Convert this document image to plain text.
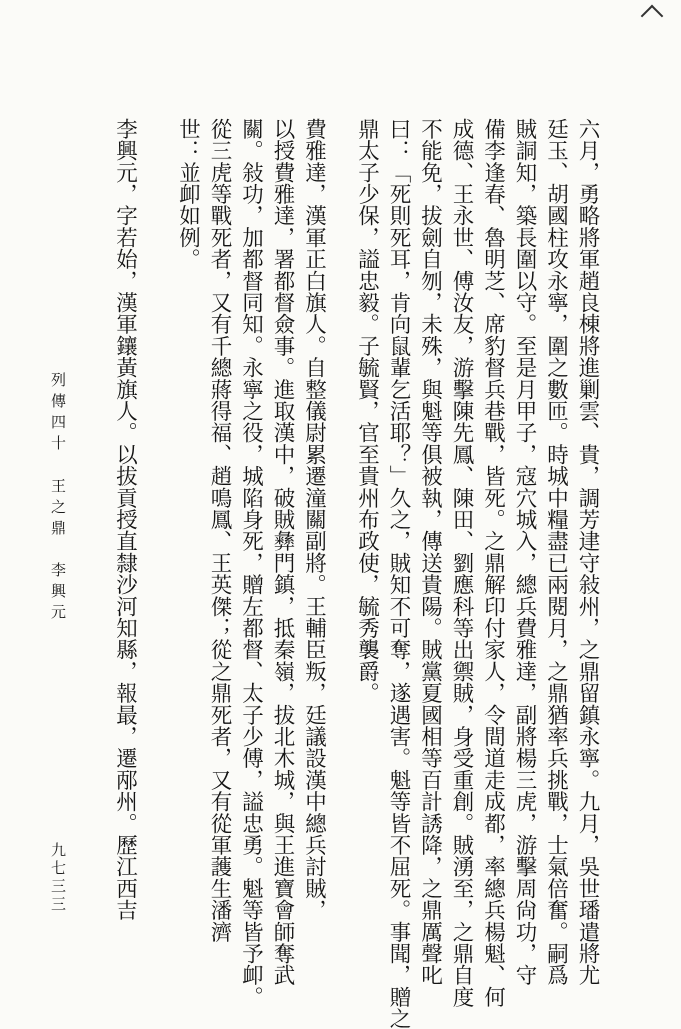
六月，勇略將軍趙良棟將進剿雲、貴，調芳䢖守敍州，之鼎留鎮永寧。九月，吳世璠遣將尤

廷玉、胡國柱攻永寧，圍之數匝。時城中糧盡已兩閱月，之鼎猶率兵挑戰，士氣倍奮。嗣爲

賊詷知，築長圍以守。至是月甲子，寇穴城入，總兵費雅達，副將楊三虎，游擊周尙功，守

備李逢春、魯明芝、席豹督兵巷戰，皆死。之鼎解印付家人，令間道走成都，率總兵楊魁、何

成德、王永世、傅汝友，游擊陳先鳳、陳田、劉應科等出禦賊，身受重創。賊湧至，之鼎自度

不能免，拔劍自刎，未殊，與魁等俱被執，傳送貴陽。賊黨夏國相等百計誘降，之鼎厲聲叱

曰：「死則死耳，肯向鼠輩乞活耶？」久之，賊知不可奪，遂遇害。魁等皆不屈死。事聞，贈之

鼎太子少保，謚忠毅。子毓賢，官至貴州布政使，毓秀襲爵。

費雅達，漢軍正白旗人。自整儀尉累遷潼關副將。王輔臣叛，廷議設漢中總兵討賊，

以授費雅達，署都督僉事。進取漢中，破賊彝門鎮，抵秦嶺，拔北木城，與王進寶會師奪武

關。敍功，加都督同知。永寧之役，城陷身死，贈左都督、太子少傅，謚忠勇。魁等皆予卹。

從三虎等戰死者，又有千總蔣得福、趙鳴鳳、王英傑；從之鼎死者，又有從軍䕶生潘濟

世：並卹如例。

李興元，字若始，漢軍鑲黃旗人。以拔貢授直隸沙河知縣，報最，遷邴州。歷江西吉

列傳四十王之鼎　李興元
九七三三
